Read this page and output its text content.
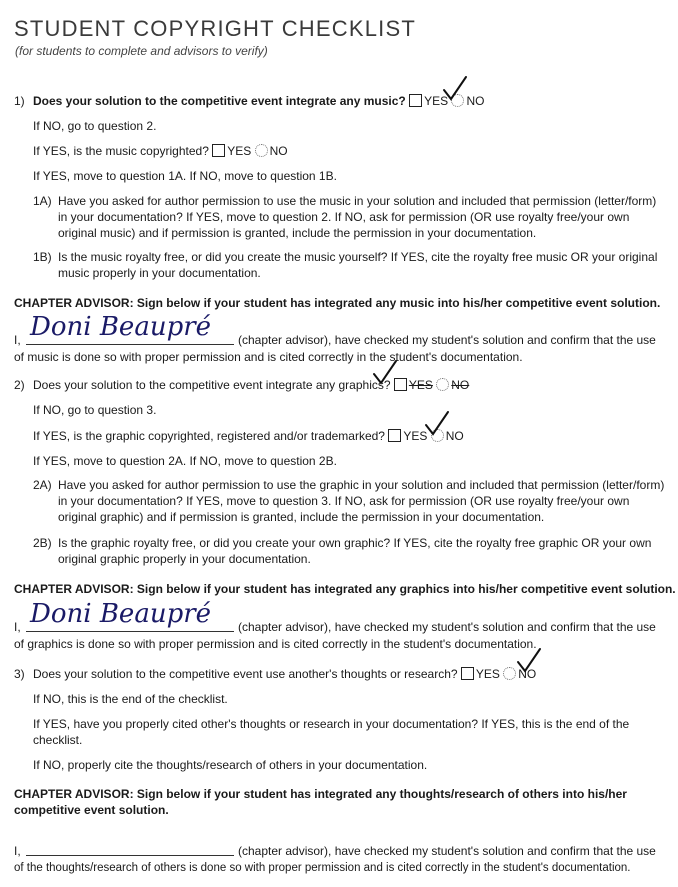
STUDENT COPYRIGHT CHECKLIST
(for students to complete and advisors to verify)
1) Does your solution to the competitive event integrate any music? YES NO
If NO, go to question 2.
If YES, is the music copyrighted? YES NO
If YES, move to question 1A. If NO, move to question 1B.
1A) Have you asked for author permission to use the music in your solution and included that permission (letter/form) in your documentation? If YES, move to question 2. If NO, ask for permission (OR use royalty free/your own original music) and if permission is granted, include the permission in your documentation.
1B) Is the music royalty free, or did you create the music yourself? If YES, cite the royalty free music OR your original music properly in your documentation.
CHAPTER ADVISOR: Sign below if your student has integrated any music into his/her competitive event solution.
I, Doni Beaupré (chapter advisor), have checked my student's solution and confirm that the use
of music is done so with proper permission and is cited correctly in the student's documentation.
2) Does your solution to the competitive event integrate any graphics? YES NO
If NO, go to question 3.
If YES, is the graphic copyrighted, registered and/or trademarked? YES NO
If YES, move to question 2A. If NO, move to question 2B.
2A) Have you asked for author permission to use the graphic in your solution and included that permission (letter/form) in your documentation? If YES, move to question 3. If NO, ask for permission (OR use royalty free/your own original graphic) and if permission is granted, include the permission in your documentation.
2B) Is the graphic royalty free, or did you create your own graphic? If YES, cite the royalty free graphic OR your own original graphic properly in your documentation.
CHAPTER ADVISOR: Sign below if your student has integrated any graphics into his/her competitive event solution.
I, Doni Beaupré (chapter advisor), have checked my student's solution and confirm that the use
of graphics is done so with proper permission and is cited correctly in the student's documentation.
3) Does your solution to the competitive event use another's thoughts or research? YES NO
If NO, this is the end of the checklist.
If YES, have you properly cited other's thoughts or research in your documentation? If YES, this is the end of the checklist.
If NO, properly cite the thoughts/research of others in your documentation.
CHAPTER ADVISOR: Sign below if your student has integrated any thoughts/research of others into his/her competitive event solution.
I,	(chapter advisor), have checked my student's solution and confirm that the use
of the thoughts/research of others is done so with proper permission and is cited correctly in the student's documentation.
